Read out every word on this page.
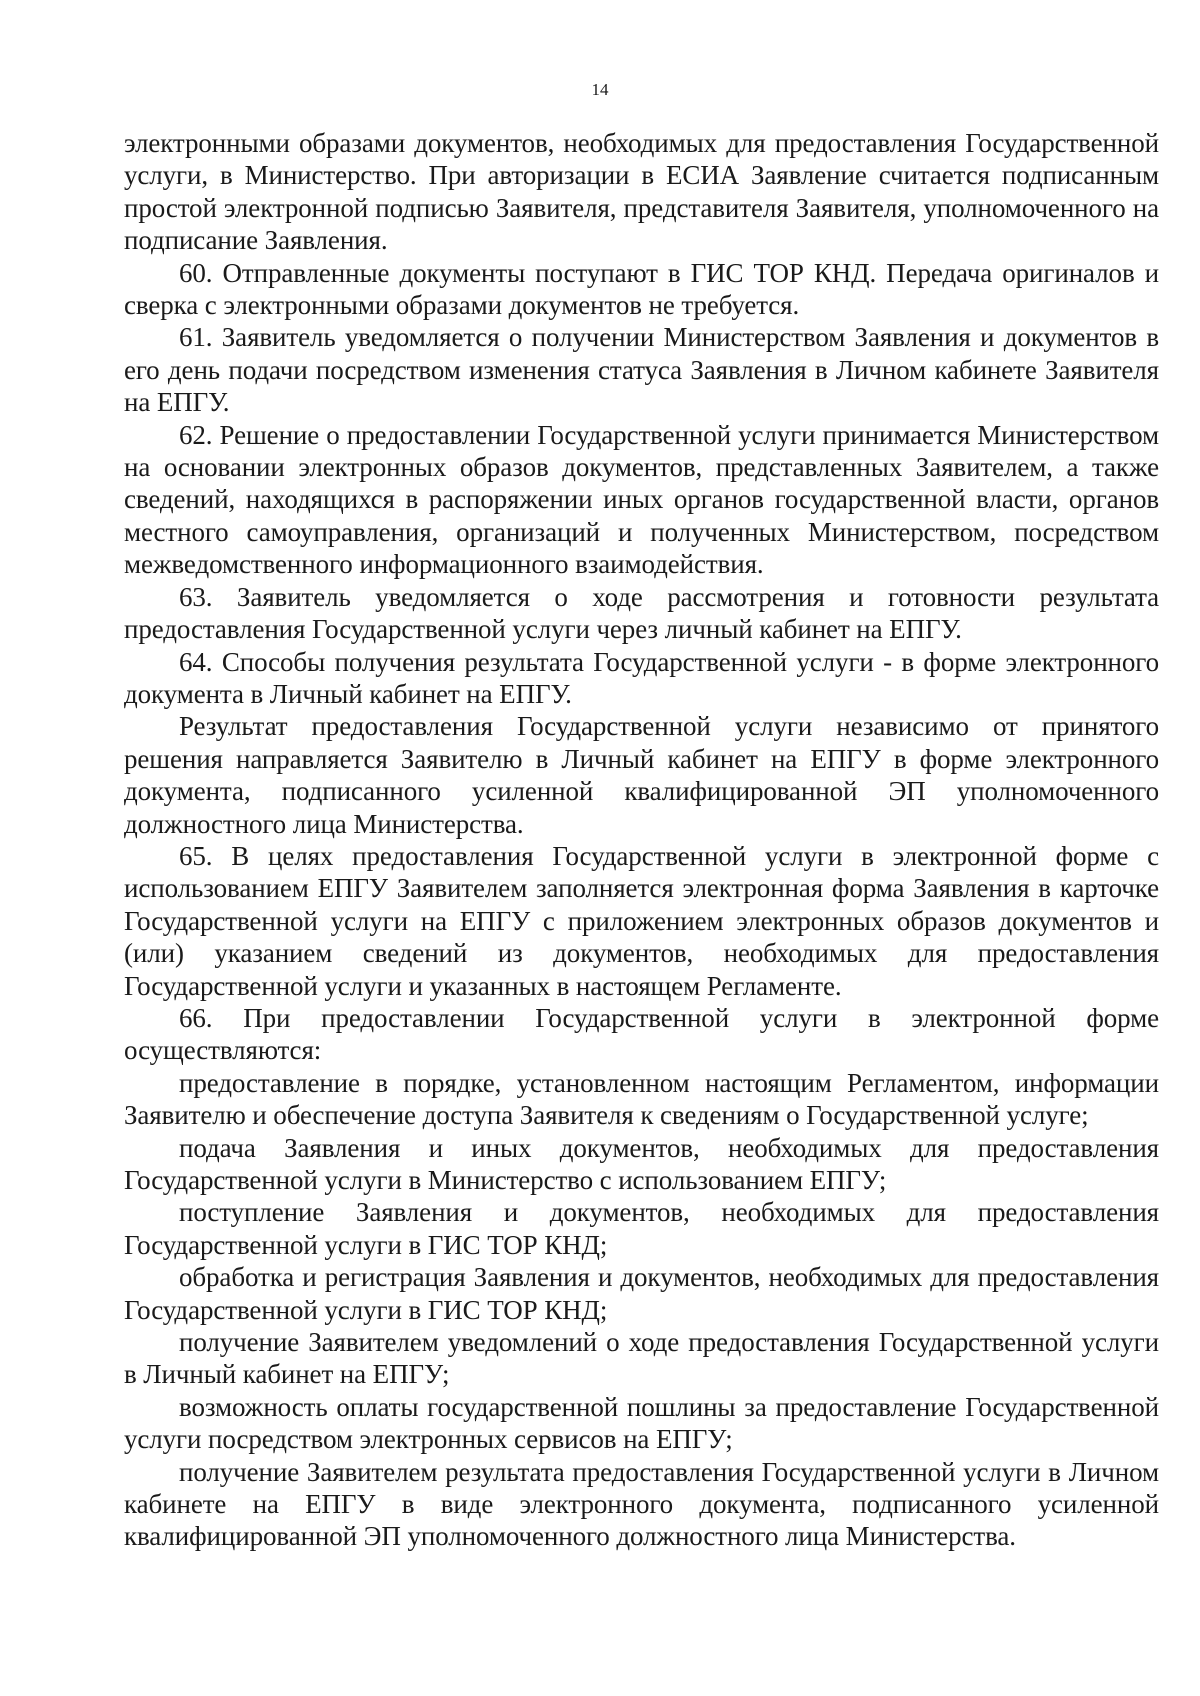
14

электронными образами документов, необходимых для предоставления Государственной услуги, в Министерство. При авторизации в ЕСИА Заявление считается подписанным простой электронной подписью Заявителя, представителя Заявителя, уполномоченного на подписание Заявления.

60. Отправленные документы поступают в ГИС ТОР КНД. Передача оригиналов и сверка с электронными образами документов не требуется.

61. Заявитель уведомляется о получении Министерством Заявления и документов в его день подачи посредством изменения статуса Заявления в Личном кабинете Заявителя на ЕПГУ.

62. Решение о предоставлении Государственной услуги принимается Министерством на основании электронных образов документов, представленных Заявителем, а также сведений, находящихся в распоряжении иных органов государственной власти, органов местного самоуправления, организаций и полученных Министерством, посредством межведомственного информационного взаимодействия.

63. Заявитель уведомляется о ходе рассмотрения и готовности результата предоставления Государственной услуги через личный кабинет на ЕПГУ.

64. Способы получения результата Государственной услуги - в форме электронного документа в Личный кабинет на ЕПГУ.

Результат предоставления Государственной услуги независимо от принятого решения направляется Заявителю в Личный кабинет на ЕПГУ в форме электронного документа, подписанного усиленной квалифицированной ЭП уполномоченного должностного лица Министерства.

65. В целях предоставления Государственной услуги в электронной форме с использованием ЕПГУ Заявителем заполняется электронная форма Заявления в карточке Государственной услуги на ЕПГУ с приложением электронных образов документов и (или) указанием сведений из документов, необходимых для предоставления Государственной услуги и указанных в настоящем Регламенте.

66. При предоставлении Государственной услуги в электронной форме осуществляются:

предоставление в порядке, установленном настоящим Регламентом, информации Заявителю и обеспечение доступа Заявителя к сведениям о Государственной услуге;

подача Заявления и иных документов, необходимых для предоставления Государственной услуги в Министерство с использованием ЕПГУ;

поступление Заявления и документов, необходимых для предоставления Государственной услуги в ГИС ТОР КНД;

обработка и регистрация Заявления и документов, необходимых для предоставления Государственной услуги в ГИС ТОР КНД;

получение Заявителем уведомлений о ходе предоставления Государственной услуги в Личный кабинет на ЕПГУ;

возможность оплаты государственной пошлины за предоставление Государственной услуги посредством электронных сервисов на ЕПГУ;

получение Заявителем результата предоставления Государственной услуги в Личном кабинете на ЕПГУ в виде электронного документа, подписанного усиленной квалифицированной ЭП уполномоченного должностного лица Министерства.
